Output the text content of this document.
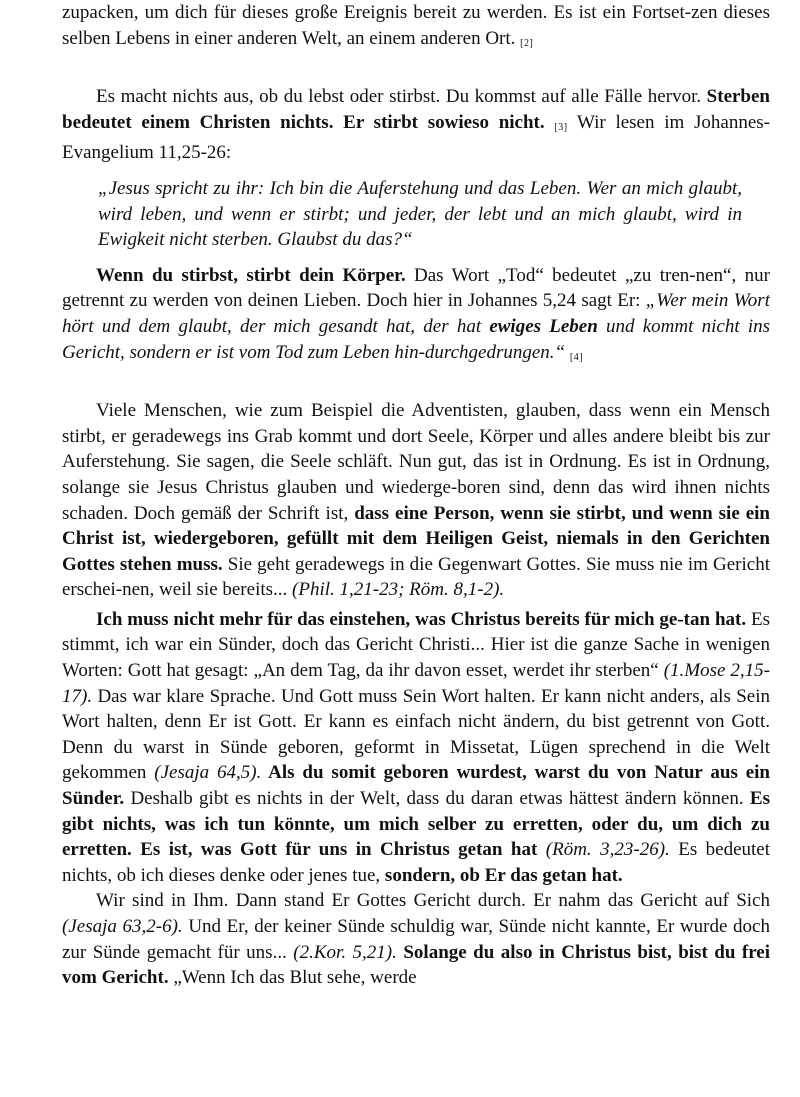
zupacken, um dich für dieses große Ereignis bereit zu werden. Es ist ein Fortset-zen dieses selben Lebens in einer anderen Welt, an einem anderen Ort. [2]

Es macht nichts aus, ob du lebst oder stirbst. Du kommst auf alle Fälle hervor. Sterben bedeutet einem Christen nichts. Er stirbt sowieso nicht. [3] Wir lesen im Johannes-Evangelium 11,25-26:

„Jesus spricht zu ihr: Ich bin die Auferstehung und das Leben. Wer an mich glaubt, wird leben, und wenn er stirbt; und jeder, der lebt und an mich glaubt, wird in Ewigkeit nicht sterben. Glaubst du das?“

Wenn du stirbst, stirbt dein Körper. Das Wort „Tod“ bedeutet „zu tren-nen“, nur getrennt zu werden von deinen Lieben. Doch hier in Johannes 5,24 sagt Er: „Wer mein Wort hört und dem glaubt, der mich gesandt hat, der hat ewiges Leben und kommt nicht ins Gericht, sondern er ist vom Tod zum Leben hin-durchgedrungen.“ [4]

Viele Menschen, wie zum Beispiel die Adventisten, glauben, dass wenn ein Mensch stirbt, er geradewegs ins Grab kommt und dort Seele, Körper und alles andere bleibt bis zur Auferstehung. Sie sagen, die Seele schläft. Nun gut, das ist in Ordnung. Es ist in Ordnung, solange sie Jesus Christus glauben und wiederge-boren sind, denn das wird ihnen nichts schaden. Doch gemäß der Schrift ist, dass eine Person, wenn sie stirbt, und wenn sie ein Christ ist, wiedergeboren, gefüllt mit dem Heiligen Geist, niemals in den Gerichten Gottes stehen muss. Sie geht geradewegs in die Gegenwart Gottes. Sie muss nie im Gericht erschei-nen, weil sie bereits... (Phil. 1,21-23; Röm. 8,1-2).

Ich muss nicht mehr für das einstehen, was Christus bereits für mich ge-tan hat. Es stimmt, ich war ein Sünder, doch das Gericht Christi... Hier ist die ganze Sache in wenigen Worten: Gott hat gesagt: „An dem Tag, da ihr davon esset, werdet ihr sterben“ (1.Mose 2,15-17). Das war klare Sprache. Und Gott muss Sein Wort halten. Er kann nicht anders, als Sein Wort halten, denn Er ist Gott. Er kann es einfach nicht ändern, du bist getrennt von Gott. Denn du warst in Sünde geboren, geformt in Missetat, Lügen sprechend in die Welt gekommen (Jesaja 64,5). Als du somit geboren wurdest, warst du von Natur aus ein Sünder. Deshalb gibt es nichts in der Welt, dass du daran etwas hättest ändern können. Es gibt nichts, was ich tun könnte, um mich selber zu erretten, oder du, um dich zu erretten. Es ist, was Gott für uns in Christus getan hat (Röm. 3,23-26). Es bedeutet nichts, ob ich dieses denke oder jenes tue, sondern, ob Er das getan hat.

Wir sind in Ihm. Dann stand Er Gottes Gericht durch. Er nahm das Gericht auf Sich (Jesaja 63,2-6). Und Er, der keiner Sünde schuldig war, Sünde nicht kannte, Er wurde doch zur Sünde gemacht für uns... (2.Kor. 5,21). Solange du also in Christus bist, bist du frei vom Gericht. „Wenn Ich das Blut sehe, werde
